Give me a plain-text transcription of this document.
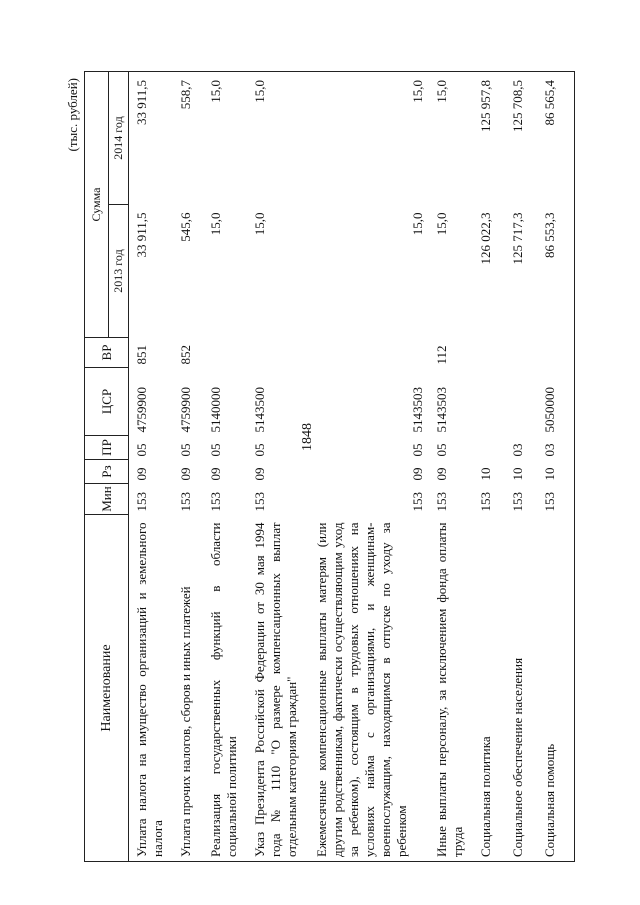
1848
(тыс. рублей)
Наименование	Мин	Рз	ПР	ЦСР	ВР	Сумма	
						2013 год	2014 год
Уплата налога на имущество организаций и земельного налога	153	09	05	4759900	851	33 911,5	33 911,5
Уплата прочих налогов, сборов и иных платежей	153	09	05	4759900	852	545,6	558,7
Реализация государственных функций в области социальной политики	153	09	05	5140000		15,0	15,0
Указ Президента Российской Федерации от 30 мая 1994 года № 1110 "О размере компенсационных выплат отдельным категориям граждан"	153	09	05	5143500		15,0	15,0
Ежемесячные компенсационные выплаты матерям (или другим родственникам, фактически осуществляющим уход за ребенком), состоящим в трудовых отношениях на условиях найма с организациями, и женщинам-военнослужащим, находящимся в отпуске по уходу за ребенком	153	09	05	5143503		15,0	15,0
Иные выплаты персоналу, за исключением фонда оплаты труда	153	09	05	5143503	112	15,0	15,0
Социальная политика	153	10				126 022,3	125 957,8
Социальное обеспечение населения	153	10	03			125 717,3	125 708,5
Социальная помощь	153	10	03	5050000		86 553,3	86 565,4
